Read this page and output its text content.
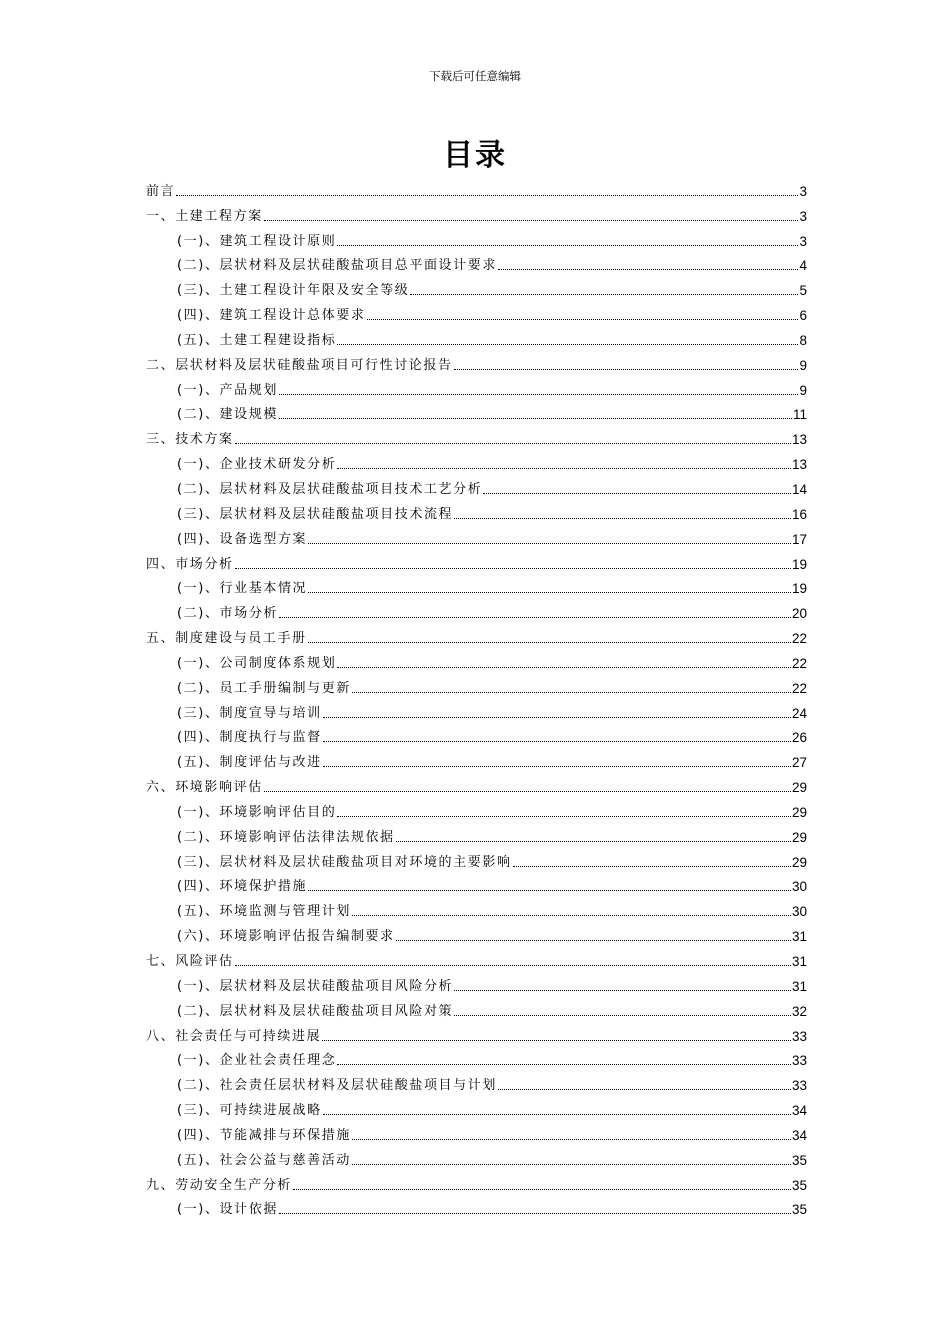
下载后可任意编辑
目录
前言	3
一、土建工程方案	3
(一)、建筑工程设计原则	3
(二)、层状材料及层状硅酸盐项目总平面设计要求	4
(三)、土建工程设计年限及安全等级	5
(四)、建筑工程设计总体要求	6
(五)、土建工程建设指标	8
二、层状材料及层状硅酸盐项目可行性讨论报告	9
(一)、产品规划	9
(二)、建设规模	11
三、技术方案	13
(一)、企业技术研发分析	13
(二)、层状材料及层状硅酸盐项目技术工艺分析	14
(三)、层状材料及层状硅酸盐项目技术流程	16
(四)、设备选型方案	17
四、市场分析	19
(一)、行业基本情况	19
(二)、市场分析	20
五、制度建设与员工手册	22
(一)、公司制度体系规划	22
(二)、员工手册编制与更新	22
(三)、制度宣导与培训	24
(四)、制度执行与监督	26
(五)、制度评估与改进	27
六、环境影响评估	29
(一)、环境影响评估目的	29
(二)、环境影响评估法律法规依据	29
(三)、层状材料及层状硅酸盐项目对环境的主要影响	29
(四)、环境保护措施	30
(五)、环境监测与管理计划	30
(六)、环境影响评估报告编制要求	31
七、风险评估	31
(一)、层状材料及层状硅酸盐项目风险分析	31
(二)、层状材料及层状硅酸盐项目风险对策	32
八、社会责任与可持续进展	33
(一)、企业社会责任理念	33
(二)、社会责任层状材料及层状硅酸盐项目与计划	33
(三)、可持续进展战略	34
(四)、节能减排与环保措施	34
(五)、社会公益与慈善活动	35
九、劳动安全生产分析	35
(一)、设计依据	35
